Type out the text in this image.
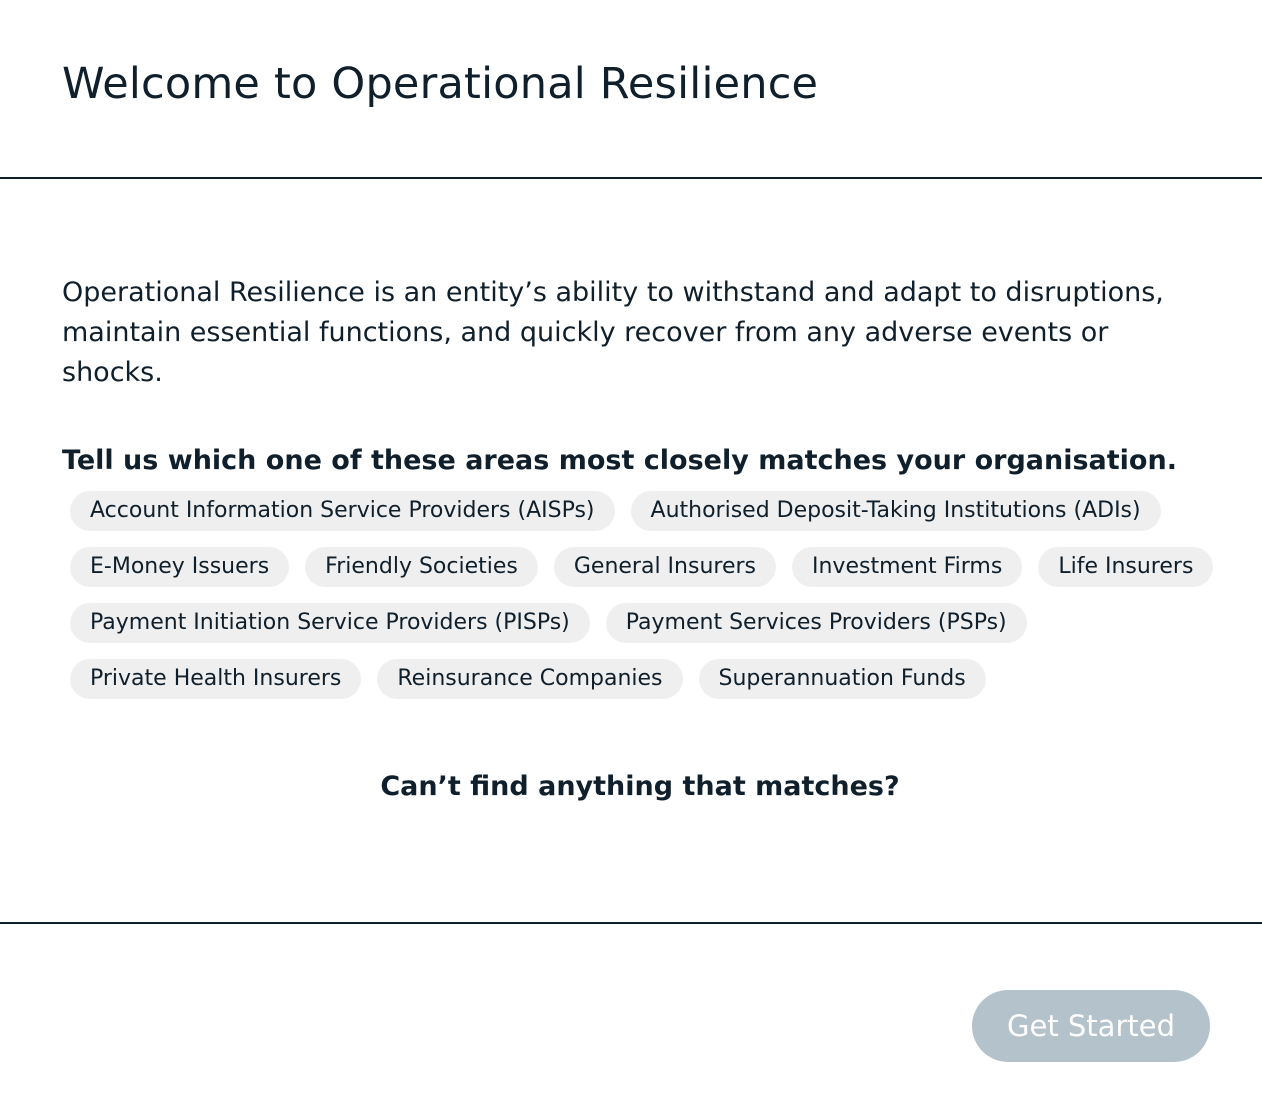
Welcome to Operational Resilience

Operational Resilience is an entity’s ability to withstand and adapt to disruptions, maintain essential functions, and quickly recover from any adverse events or shocks.

Tell us which one of these areas most closely matches your organisation.

Account Information Service Providers (AISPs)	Authorised Deposit-Taking Institutions (ADIs)
E-Money Issuers	Friendly Societies	General Insurers	Investment Firms	Life Insurers
Payment Initiation Service Providers (PISPs)	Payment Services Providers (PSPs)
Private Health Insurers	Reinsurance Companies	Superannuation Funds

Can’t find anything that matches?

Get Started
